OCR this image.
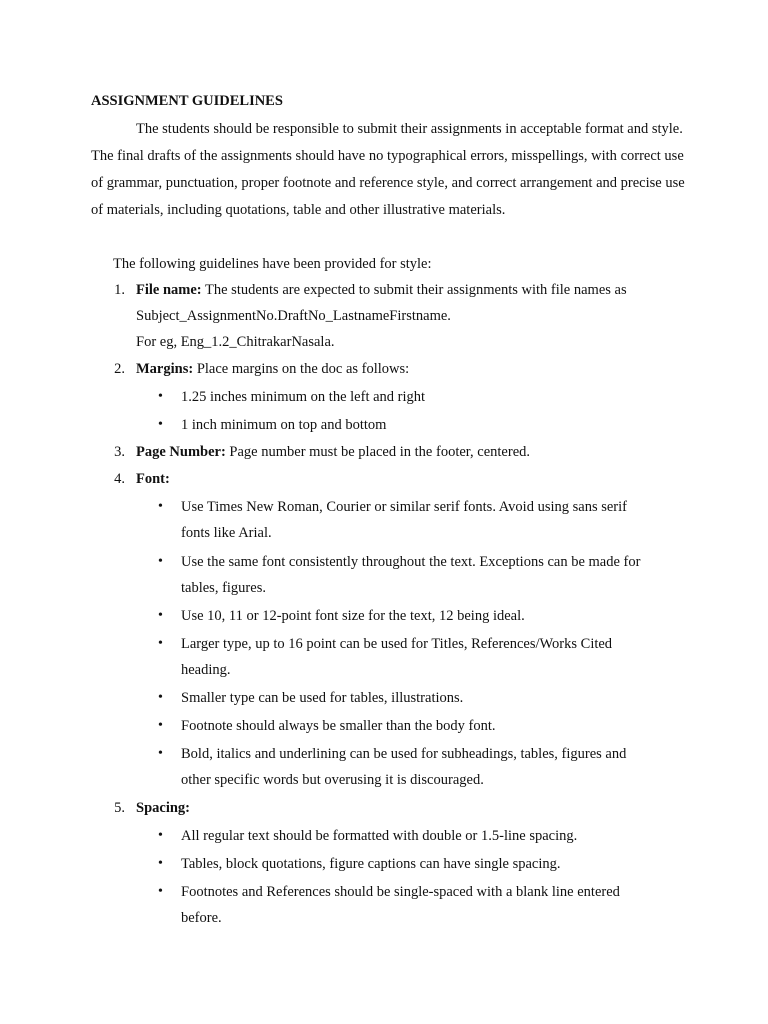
ASSIGNMENT GUIDELINES

The students should be responsible to submit their assignments in acceptable format and style. The final drafts of the assignments should have no typographical errors, misspellings, with correct use of grammar, punctuation, proper footnote and reference style, and correct arrangement and precise use of materials, including quotations, table and other illustrative materials.

The following guidelines have been provided for style:
1. File name: The students are expected to submit their assignments with file names as
Subject_AssignmentNo.DraftNo_LastnameFirstname.
For eg, Eng_1.2_ChitrakarNasala.
2. Margins: Place margins on the doc as follows:
• 1.25 inches minimum on the left and right
• 1 inch minimum on top and bottom
3. Page Number: Page number must be placed in the footer, centered.
4. Font:
• Use Times New Roman, Courier or similar serif fonts. Avoid using sans serif
fonts like Arial.
• Use the same font consistently throughout the text. Exceptions can be made for
tables, figures.
• Use 10, 11 or 12-point font size for the text, 12 being ideal.
• Larger type, up to 16 point can be used for Titles, References/Works Cited
heading.
• Smaller type can be used for tables, illustrations.
• Footnote should always be smaller than the body font.
• Bold, italics and underlining can be used for subheadings, tables, figures and
other specific words but overusing it is discouraged.
5. Spacing:
• All regular text should be formatted with double or 1.5-line spacing.
• Tables, block quotations, figure captions can have single spacing.
• Footnotes and References should be single-spaced with a blank line entered
before.
